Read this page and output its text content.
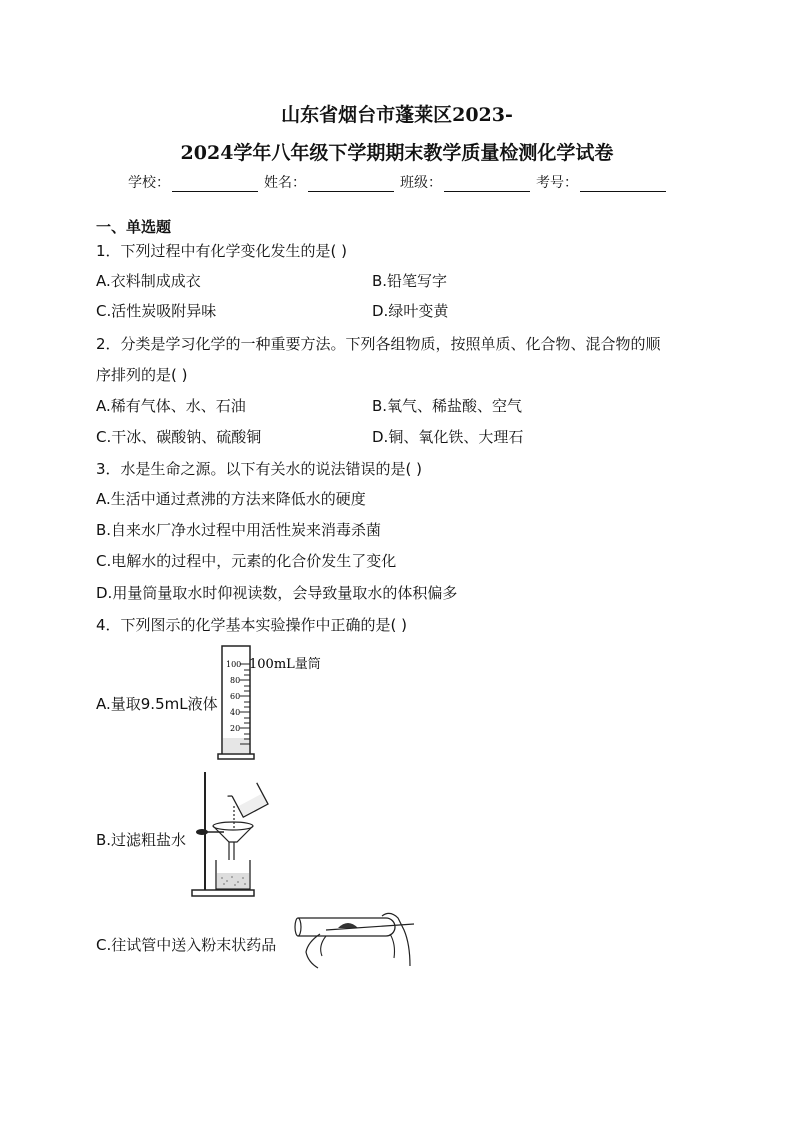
山东省烟台市蓬莱区2023-
2024学年八年级下学期期末教学质量检测化学试卷
学校：	姓名：	班级：	考号：
一、单选题
1．下列过程中有化学变化发生的是( )
A.衣料制成成衣	B.铅笔写字
C.活性炭吸附异味	D.绿叶变黄
2．分类是学习化学的一种重要方法。下列各组物质，按照单质、化合物、混合物的顺
序排列的是( )
A.稀有气体、水、石油	B.氧气、稀盐酸、空气
C.干冰、碳酸钠、硫酸铜	D.铜、氧化铁、大理石
3．水是生命之源。以下有关水的说法错误的是( )
A.生活中通过煮沸的方法来降低水的硬度
B.自来水厂净水过程中用活性炭来消毒杀菌
C.电解水的过程中，元素的化合价发生了变化
D.用量筒量取水时仰视读数，会导致量取水的体积偏多
4．下列图示的化学基本实验操作中正确的是( )
A.量取9.5mL液体
100
80
60
40
20
100mL量筒
B.过滤粗盐水
C.往试管中送入粉末状药品
